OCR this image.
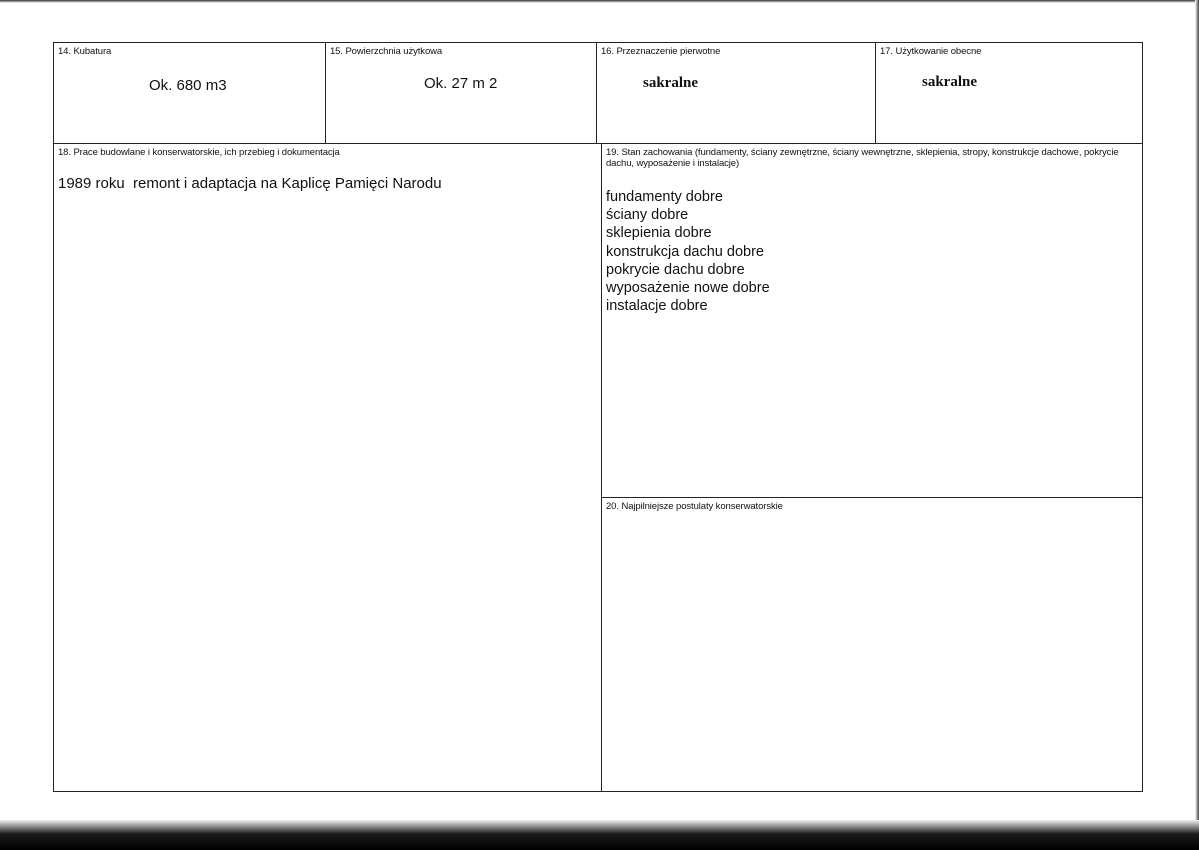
14. Kubatura
Ok. 680 m3
15. Powierzchnia użytkowa
Ok. 27 m 2
16. Przeznaczenie pierwotne
sakralne
17. Użytkowanie obecne
sakralne
18. Prace budowlane i konserwatorskie, ich przebieg i dokumentacja
1989 roku  remont i adaptacja na Kaplicę Pamięci Narodu
19. Stan zachowania (fundamenty, ściany zewnętrzne, ściany wewnętrzne, sklepienia, stropy, konstrukcje dachowe, pokrycie dachu, wyposażenie i instalacje)
fundamenty dobre
ściany dobre
sklepienia dobre
konstrukcja dachu dobre
pokrycie dachu dobre
wyposażenie nowe dobre
instalacje dobre
20. Najpilniejsze postulaty konserwatorskie
